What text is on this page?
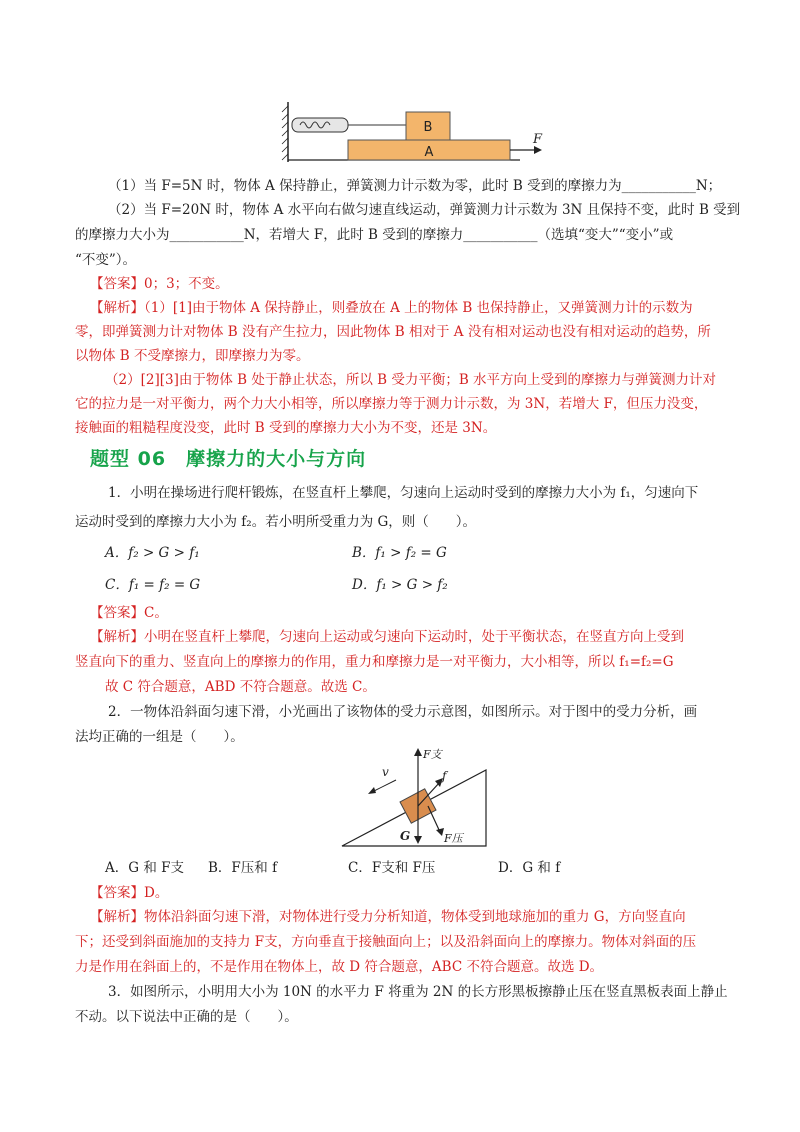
B
A
F
（1）当 F=5N 时，物体 A 保持静止，弹簧测力计示数为零，此时 B 受到的摩擦力为___________N；
（2）当 F=20N 时，物体 A 水平向右做匀速直线运动，弹簧测力计示数为 3N 且保持不变，此时 B 受到
的摩擦力大小为___________N，若增大 F，此时 B 受到的摩擦力___________（选填“变大”“变小”或
“不变”）。
【答案】0；3；不变。
【解析】（1）[1]由于物体 A 保持静止，则叠放在 A 上的物体 B 也保持静止，又弹簧测力计的示数为
零，即弹簧测力计对物体 B 没有产生拉力，因此物体 B 相对于 A 没有相对运动也没有相对运动的趋势，所
以物体 B 不受摩擦力，即摩擦力为零。
（2）[2][3]由于物体 B 处于静止状态，所以 B 受力平衡；B 水平方向上受到的摩擦力与弹簧测力计对
它的拉力是一对平衡力，两个力大小相等，所以摩擦力等于测力计示数，为 3N，若增大 F，但压力没变，
接触面的粗糙程度没变，此时 B 受到的摩擦力大小为不变，还是 3N。
题型 06 摩擦力的大小与方向
1．小明在操场进行爬杆锻炼，在竖直杆上攀爬，匀速向上运动时受到的摩擦力大小为 f₁，匀速向下
运动时受到的摩擦力大小为 f₂。若小明所受重力为 G，则（　　）。
A．f₂ > G > f₁	B．f₁ > f₂ = G
C．f₁ = f₂ = G	D．f₁ > G > f₂
【答案】C。
【解析】小明在竖直杆上攀爬，匀速向上运动或匀速向下运动时，处于平衡状态，在竖直方向上受到
竖直向下的重力、竖直向上的摩擦力的作用，重力和摩擦力是一对平衡力，大小相等，所以 f₁=f₂=G
故 C 符合题意，ABD 不符合题意。故选 C。
2．一物体沿斜面匀速下滑，小光画出了该物体的受力示意图，如图所示。对于图中的受力分析，画
法均正确的一组是（　　）。
F支
v	f
G	F压
A．G 和 F支 B．F压和 f	C．F支和 F压	D．G 和 f
【答案】D。
【解析】物体沿斜面匀速下滑，对物体进行受力分析知道，物体受到地球施加的重力 G，方向竖直向
下；还受到斜面施加的支持力 F支，方向垂直于接触面向上；以及沿斜面向上的摩擦力。物体对斜面的压
力是作用在斜面上的，不是作用在物体上，故 D 符合题意，ABC 不符合题意。故选 D。
3．如图所示，小明用大小为 10N 的水平力 F 将重为 2N 的长方形黑板擦静止压在竖直黑板表面上静止
不动。以下说法中正确的是（　　）。
